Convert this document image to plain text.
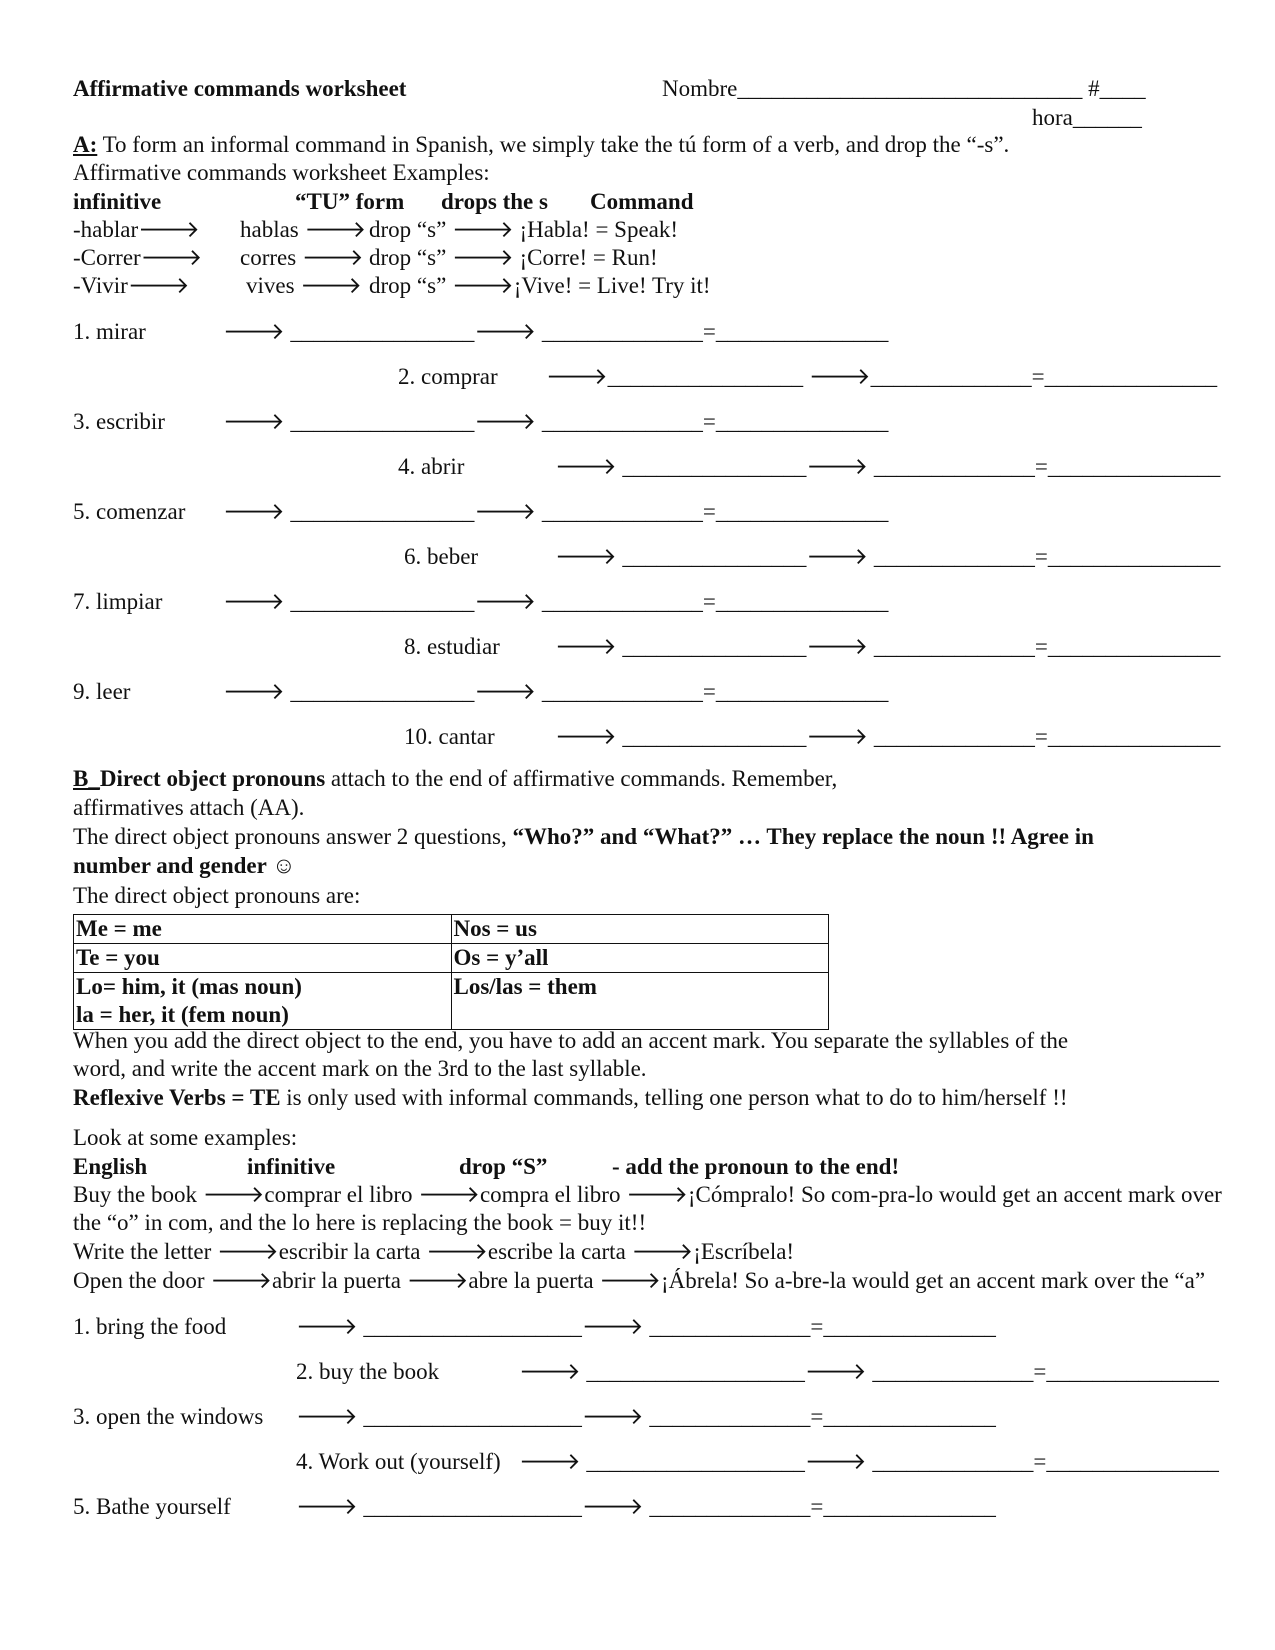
Affirmative commands worksheet	Nombre______________________________ #____
hora______
A: To form an informal command in Spanish, we simply take the tú form of a verb, and drop the “-s”.
Affirmative commands worksheet Examples:
infinitive	“TU” form drops the s Command
-hablar🡒 hablas 🡒 drop “s” 🡒 ¡Habla! = Speak!
-Correr🡒 corres 🡒 drop “s” 🡒 ¡Corre! = Run!
-Vivir🡒 vives 🡒 drop “s” 🡒¡Vive! = Live! Try it!
1. mirar	🡒 ________________🡒 ______________=_______________
2. comprar 🡒_________________ 🡒______________=_______________
3. escribir	🡒 ________________🡒 ______________=_______________
4. abrir	🡒 ________________🡒 ______________=_______________
5. comenzar 🡒 ________________🡒 ______________=_______________
6. beber	🡒 ________________🡒 ______________=_______________
7. limpiar	🡒 ________________🡒 ______________=_______________
8. estudiar 🡒 ________________🡒 ______________=_______________
9. leer	🡒 ________________🡒 ______________=_______________
10. cantar	🡒 ________________🡒 ______________=_______________
B_Direct object pronouns attach to the end of affirmative commands. Remember,
affirmatives attach (AA).
The direct object pronouns answer 2 questions, “Who?” and “What?” … They replace the noun !! Agree in
number and gender ☺
The direct object pronouns are:
Me = me	Nos = us
Te = you	Os = y’all

Lo= him, it (mas noun)
la = her, it (fem noun)	Los/las = them
When you add the direct object to the end, you have to add an accent mark. You separate the syllables of the
word, and write the accent mark on the 3rd to the last syllable.
Reflexive Verbs = TE is only used with informal commands, telling one person what to do to him/herself !!
Look at some examples:
English	infinitive	drop “S”	- add the pronoun to the end!
Buy the book 🡒comprar el libro 🡒compra el libro 🡒¡Cómpralo! So com-pra-lo would get an accent mark over
the “o” in com, and the lo here is replacing the book = buy it!!
Write the letter 🡒escribir la carta 🡒escribe la carta 🡒¡Escríbela!
Open the door 🡒abrir la puerta 🡒abre la puerta 🡒¡Ábrela! So a-bre-la would get an accent mark over the “a”
1. bring the food	🡒 ___________________🡒 ______________=_______________
2. buy the book	🡒 ___________________🡒 ______________=_______________
3. open the windows 🡒 ___________________🡒 ______________=_______________
4. Work out (yourself) 🡒 ___________________🡒 ______________=_______________
5. Bathe yourself	🡒 ___________________🡒 ______________=_______________
